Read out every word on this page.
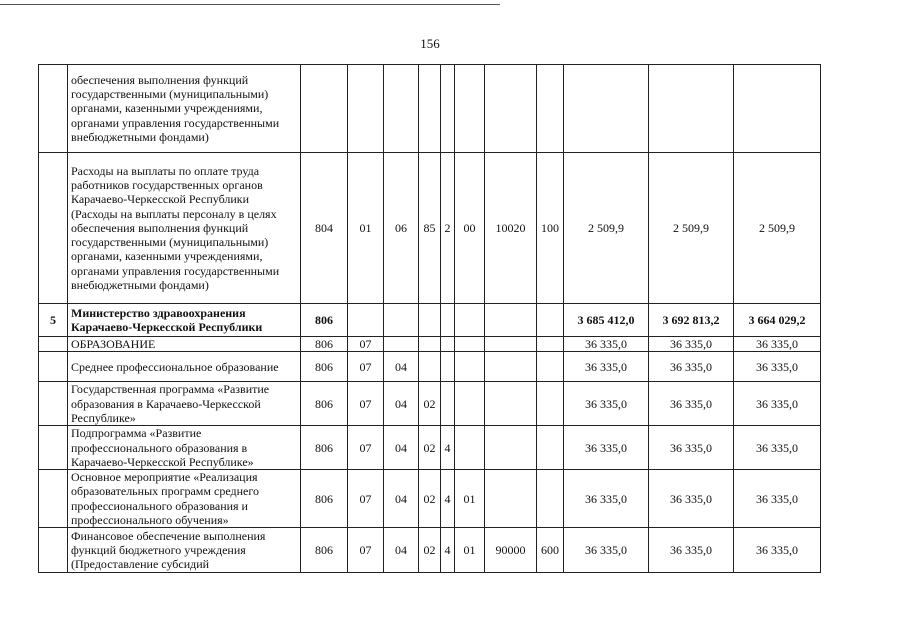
156
	обеспечения выполнения функций государственными (муниципальными) органами, казенными учреждениями, органами управления государственными внебюджетными фондами)											
	Расходы на выплаты по оплате труда работников государственных органов Карачаево-Черкесской Республики (Расходы на выплаты персоналу в целях обеспечения выполнения функций государственными (муниципальными) органами, казенными учреждениями, органами управления государственными внебюджетными фондами)	804	01	06	85	2	00	10020	100	2 509,9	2 509,9	2 509,9
5	Министерство здравоохранения Карачаево-Черкесской Республики	806								3 685 412,0	3 692 813,2	3 664 029,2
	ОБРАЗОВАНИЕ	806	07							36 335,0	36 335,0	36 335,0
	Среднее профессиональное образование	806	07	04						36 335,0	36 335,0	36 335,0
	Государственная программа «Развитие образования в Карачаево-Черкесской Республике»	806	07	04	02					36 335,0	36 335,0	36 335,0
	Подпрограмма «Развитие профессионального образования в Карачаево-Черкесской Республике»	806	07	04	02	4				36 335,0	36 335,0	36 335,0
	Основное мероприятие «Реализация образовательных программ среднего профессионального образования и профессионального обучения»	806	07	04	02	4	01			36 335,0	36 335,0	36 335,0
	Финансовое обеспечение выполнения функций бюджетного учреждения (Предоставление субсидий	806	07	04	02	4	01	90000	600	36 335,0	36 335,0	36 335,0
